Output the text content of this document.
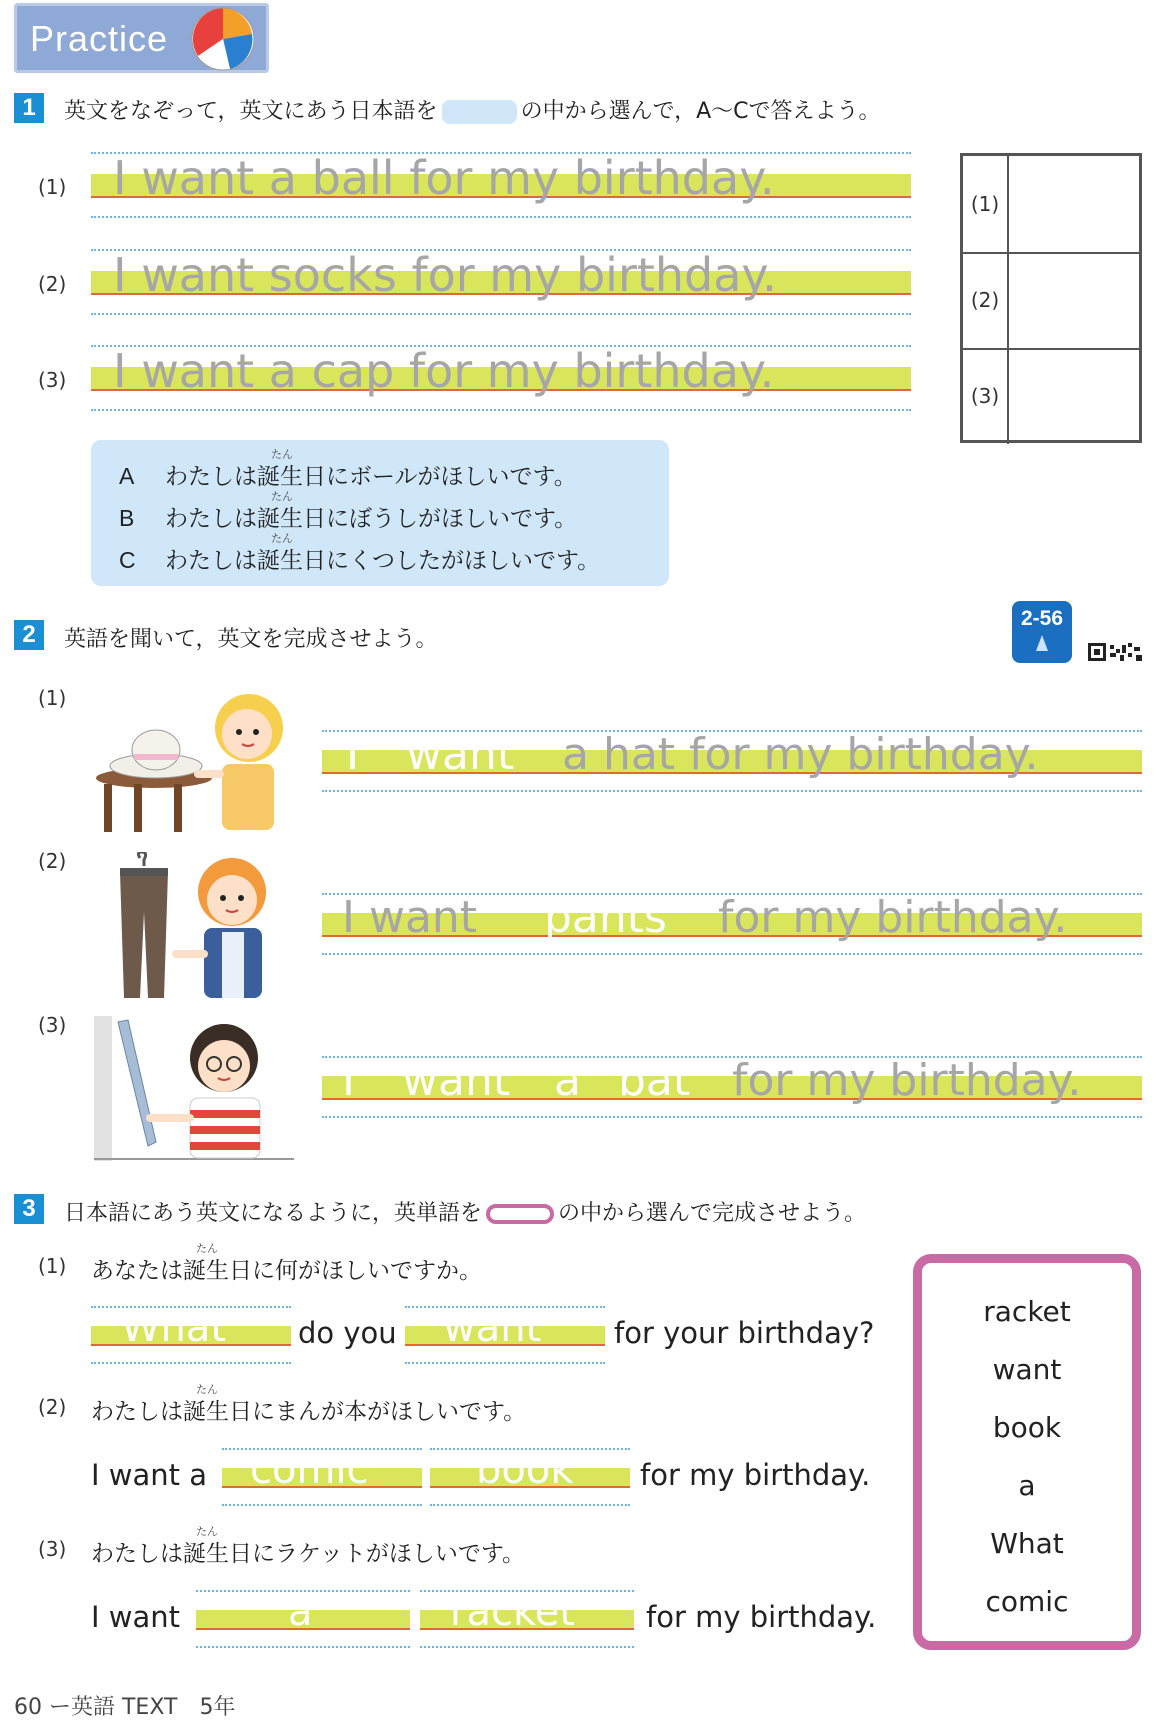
Practice
1	英文をなぞって，英文にあう日本語を	の中から選んで，A～Cで答えよう。
(1) I want a ball for my birthday.
(2) I want socks for my birthday.
(3) I want a cap for my birthday.
(1)
(2)
(3)
たん
A わたしは誕生日にボールがほしいです。
たん
B わたしは誕生日にぼうしがほしいです。
たん
C わたしは誕生日にくつしたがほしいです。
2	英語を聞いて，英文を完成させよう。
2-56
(1)
I want a hat for my birthday.
(2)
I want pants for my birthday.
(3)
I want a bat for my birthday.
3	日本語にあう英文になるように，英単語を	の中から選んで完成させよう。
(1)
たん
あなたは誕生日に何がほしいですか。
What do you want	for your birthday?
(2)
たん
わたしは誕生日にまんが本がほしいです。
I want a comic	book for my birthday.
(3)
たん
わたしは誕生日にラケットがほしいです。
I want	a	racket for my birthday.
racket
want
book
a
What
comic
60 ー英語 TEXT　5年
